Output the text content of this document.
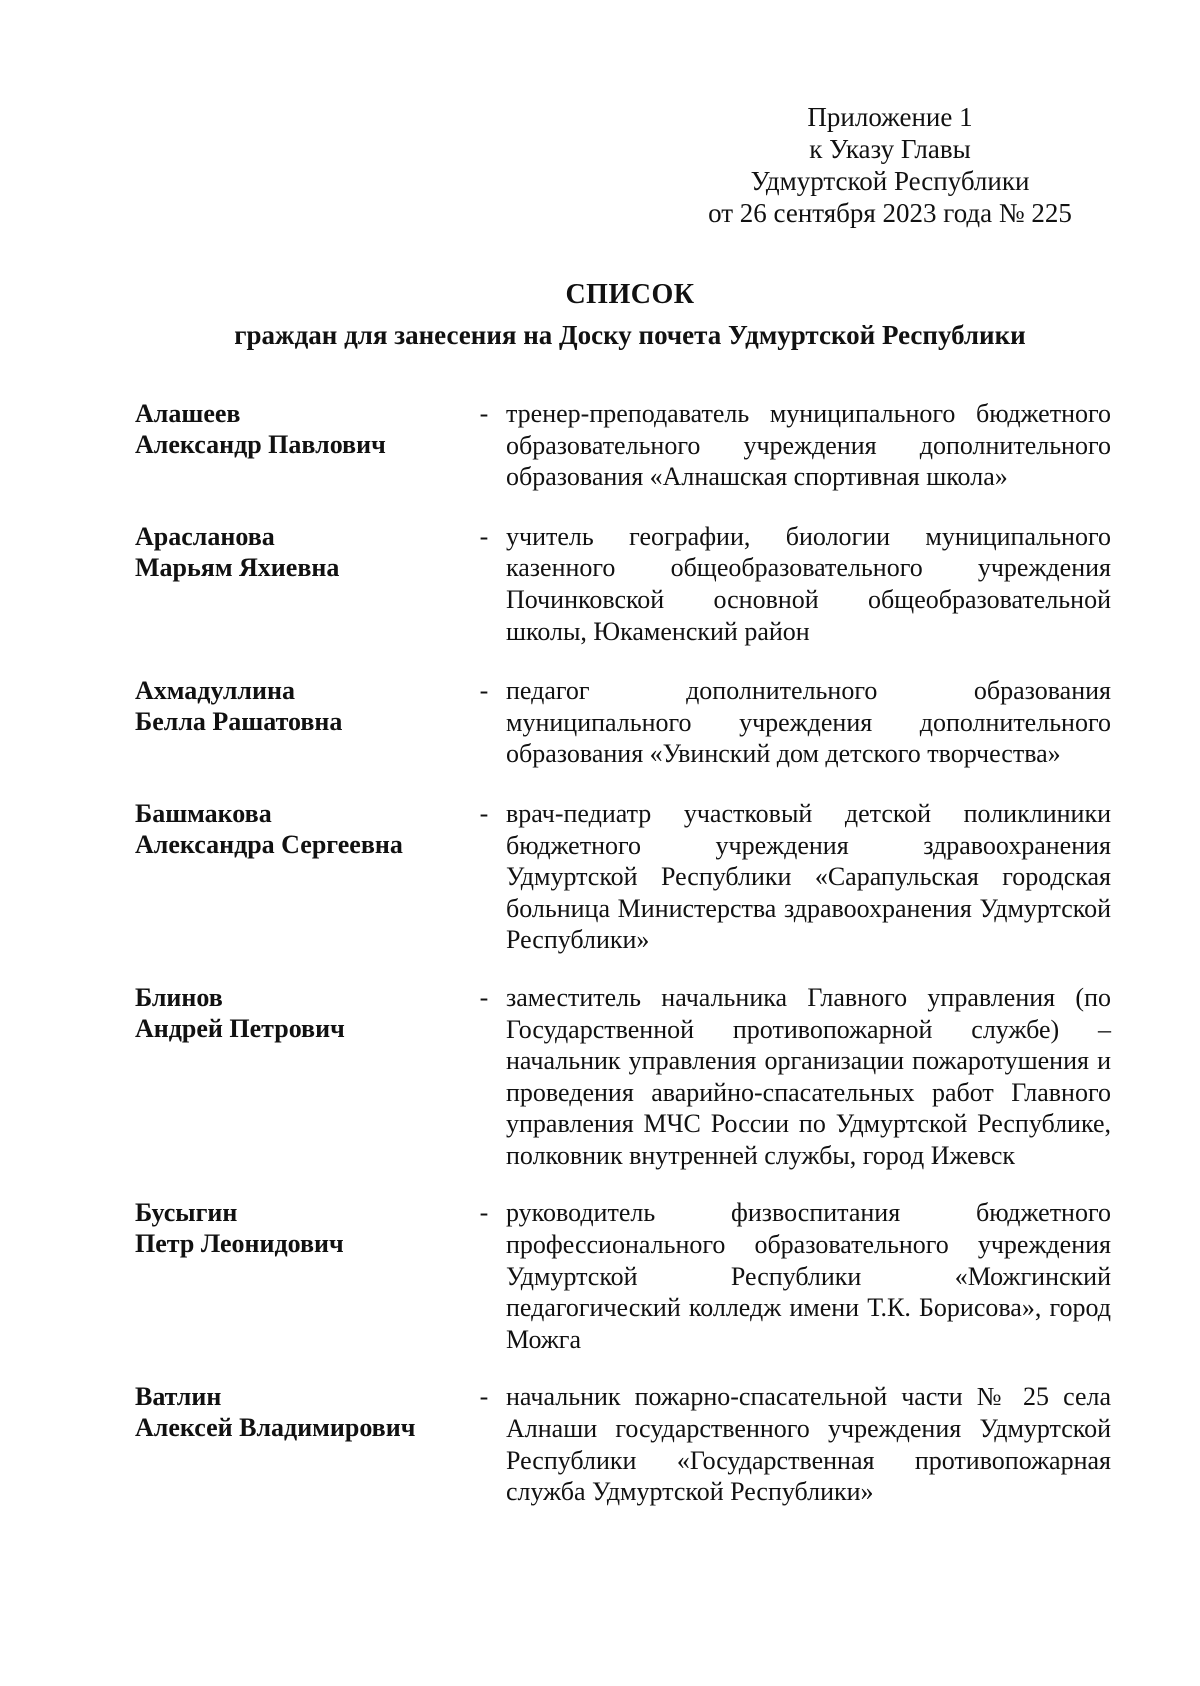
Приложение 1
к Указу Главы
Удмуртской Республики
от 26 сентября 2023 года № 225
СПИСОК
граждан для занесения на Доску почета Удмуртской Республики
Алашеев
Александр Павлович
- тренер-преподаватель муниципального бюджетного образовательного учреждения дополнительного образования «Алнашская спортивная школа»
Арасланова
Марьям Яхиевна
- учитель географии, биологии муниципального казенного общеобразовательного учреждения Починковской основной общеобразовательной школы, Юкаменский район
Ахмадуллина
Белла Рашатовна
- педагог дополнительного образования муниципального учреждения дополнительного образования «Увинский дом детского творчества»
Башмакова
Александра Сергеевна
- врач-педиатр участковый детской поликлиники бюджетного учреждения здравоохранения Удмуртской Республики «Сарапульская городская больница Министерства здравоохранения Удмуртской Республики»
Блинов
Андрей Петрович
- заместитель начальника Главного управления (по Государственной противопожарной службе) – начальник управления организации пожаротушения и проведения аварийно-спасательных работ Главного управления МЧС России по Удмуртской Республике, полковник внутренней службы, город Ижевск
Бусыгин
Петр Леонидович
- руководитель физвоспитания бюджетного профессионального образовательного учреждения Удмуртской Республики «Можгинский педагогический колледж имени Т.К. Борисова», город Можга
Ватлин
Алексей Владимирович
- начальник пожарно-спасательной части № 25 села Алнаши государственного учреждения Удмуртской Республики «Государственная противопожарная служба Удмуртской Республики»
